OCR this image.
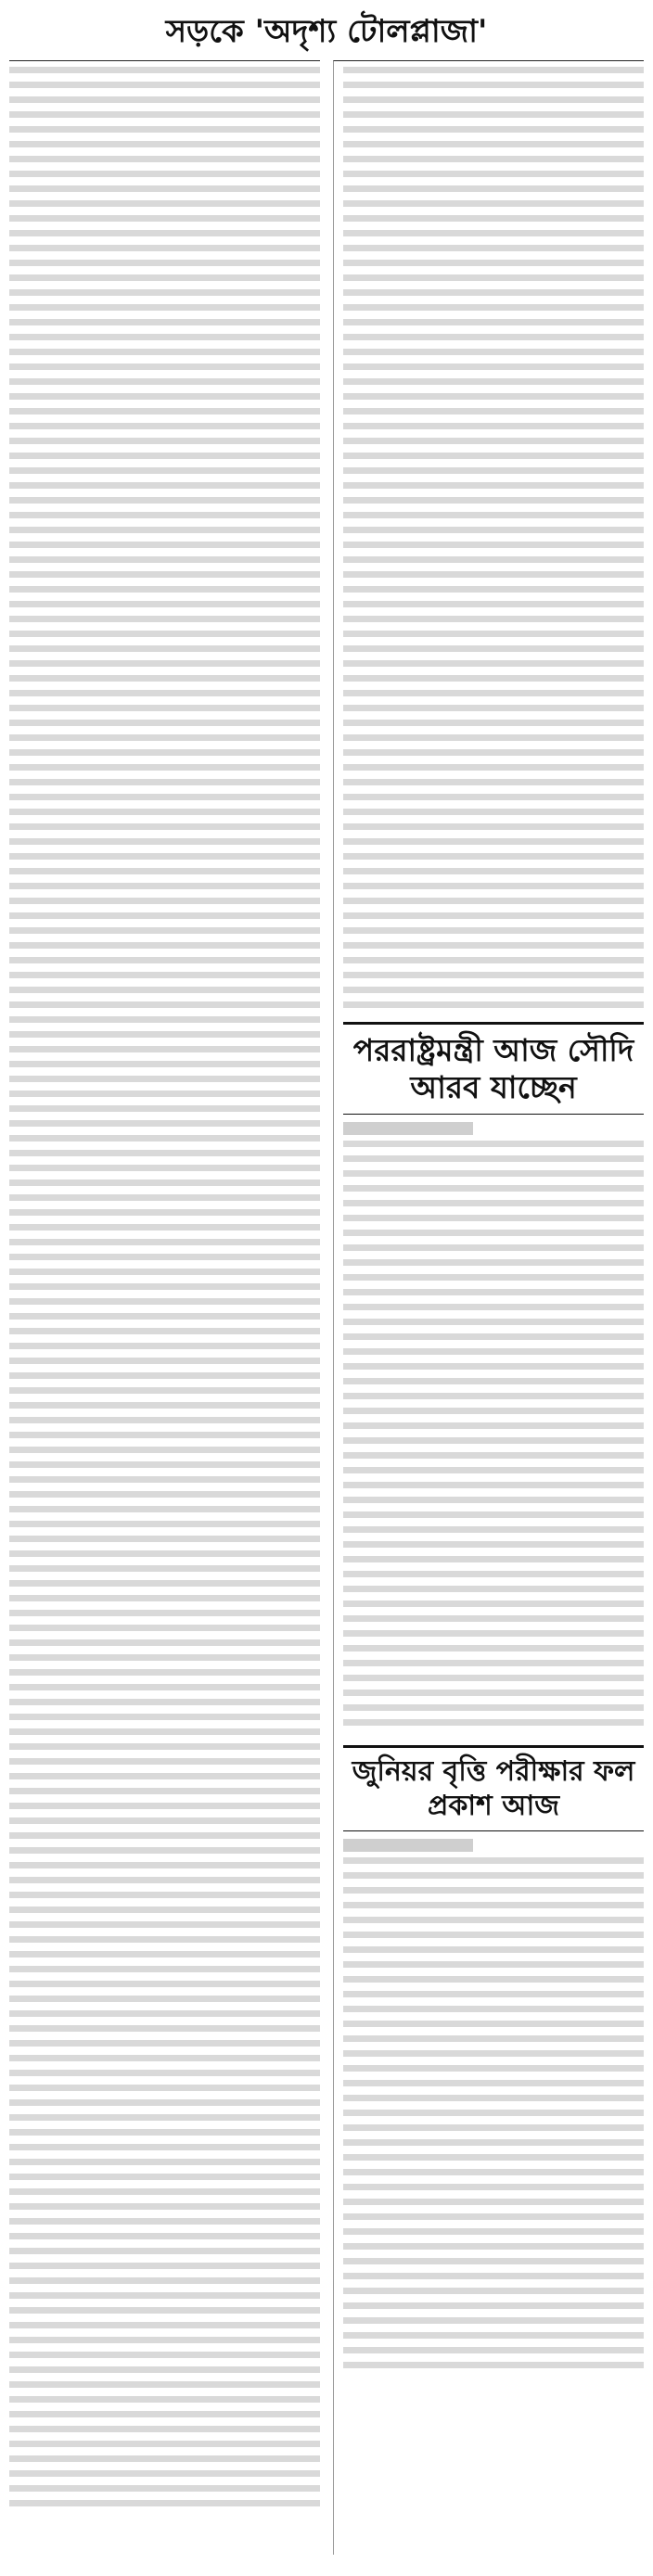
সড়কে 'অদৃশ্য টোলপ্লাজা'
পররাষ্ট্রমন্ত্রী আজ সৌদি আরব যাচ্ছেন
জুনিয়র বৃত্তি পরীক্ষার ফল প্রকাশ আজ
